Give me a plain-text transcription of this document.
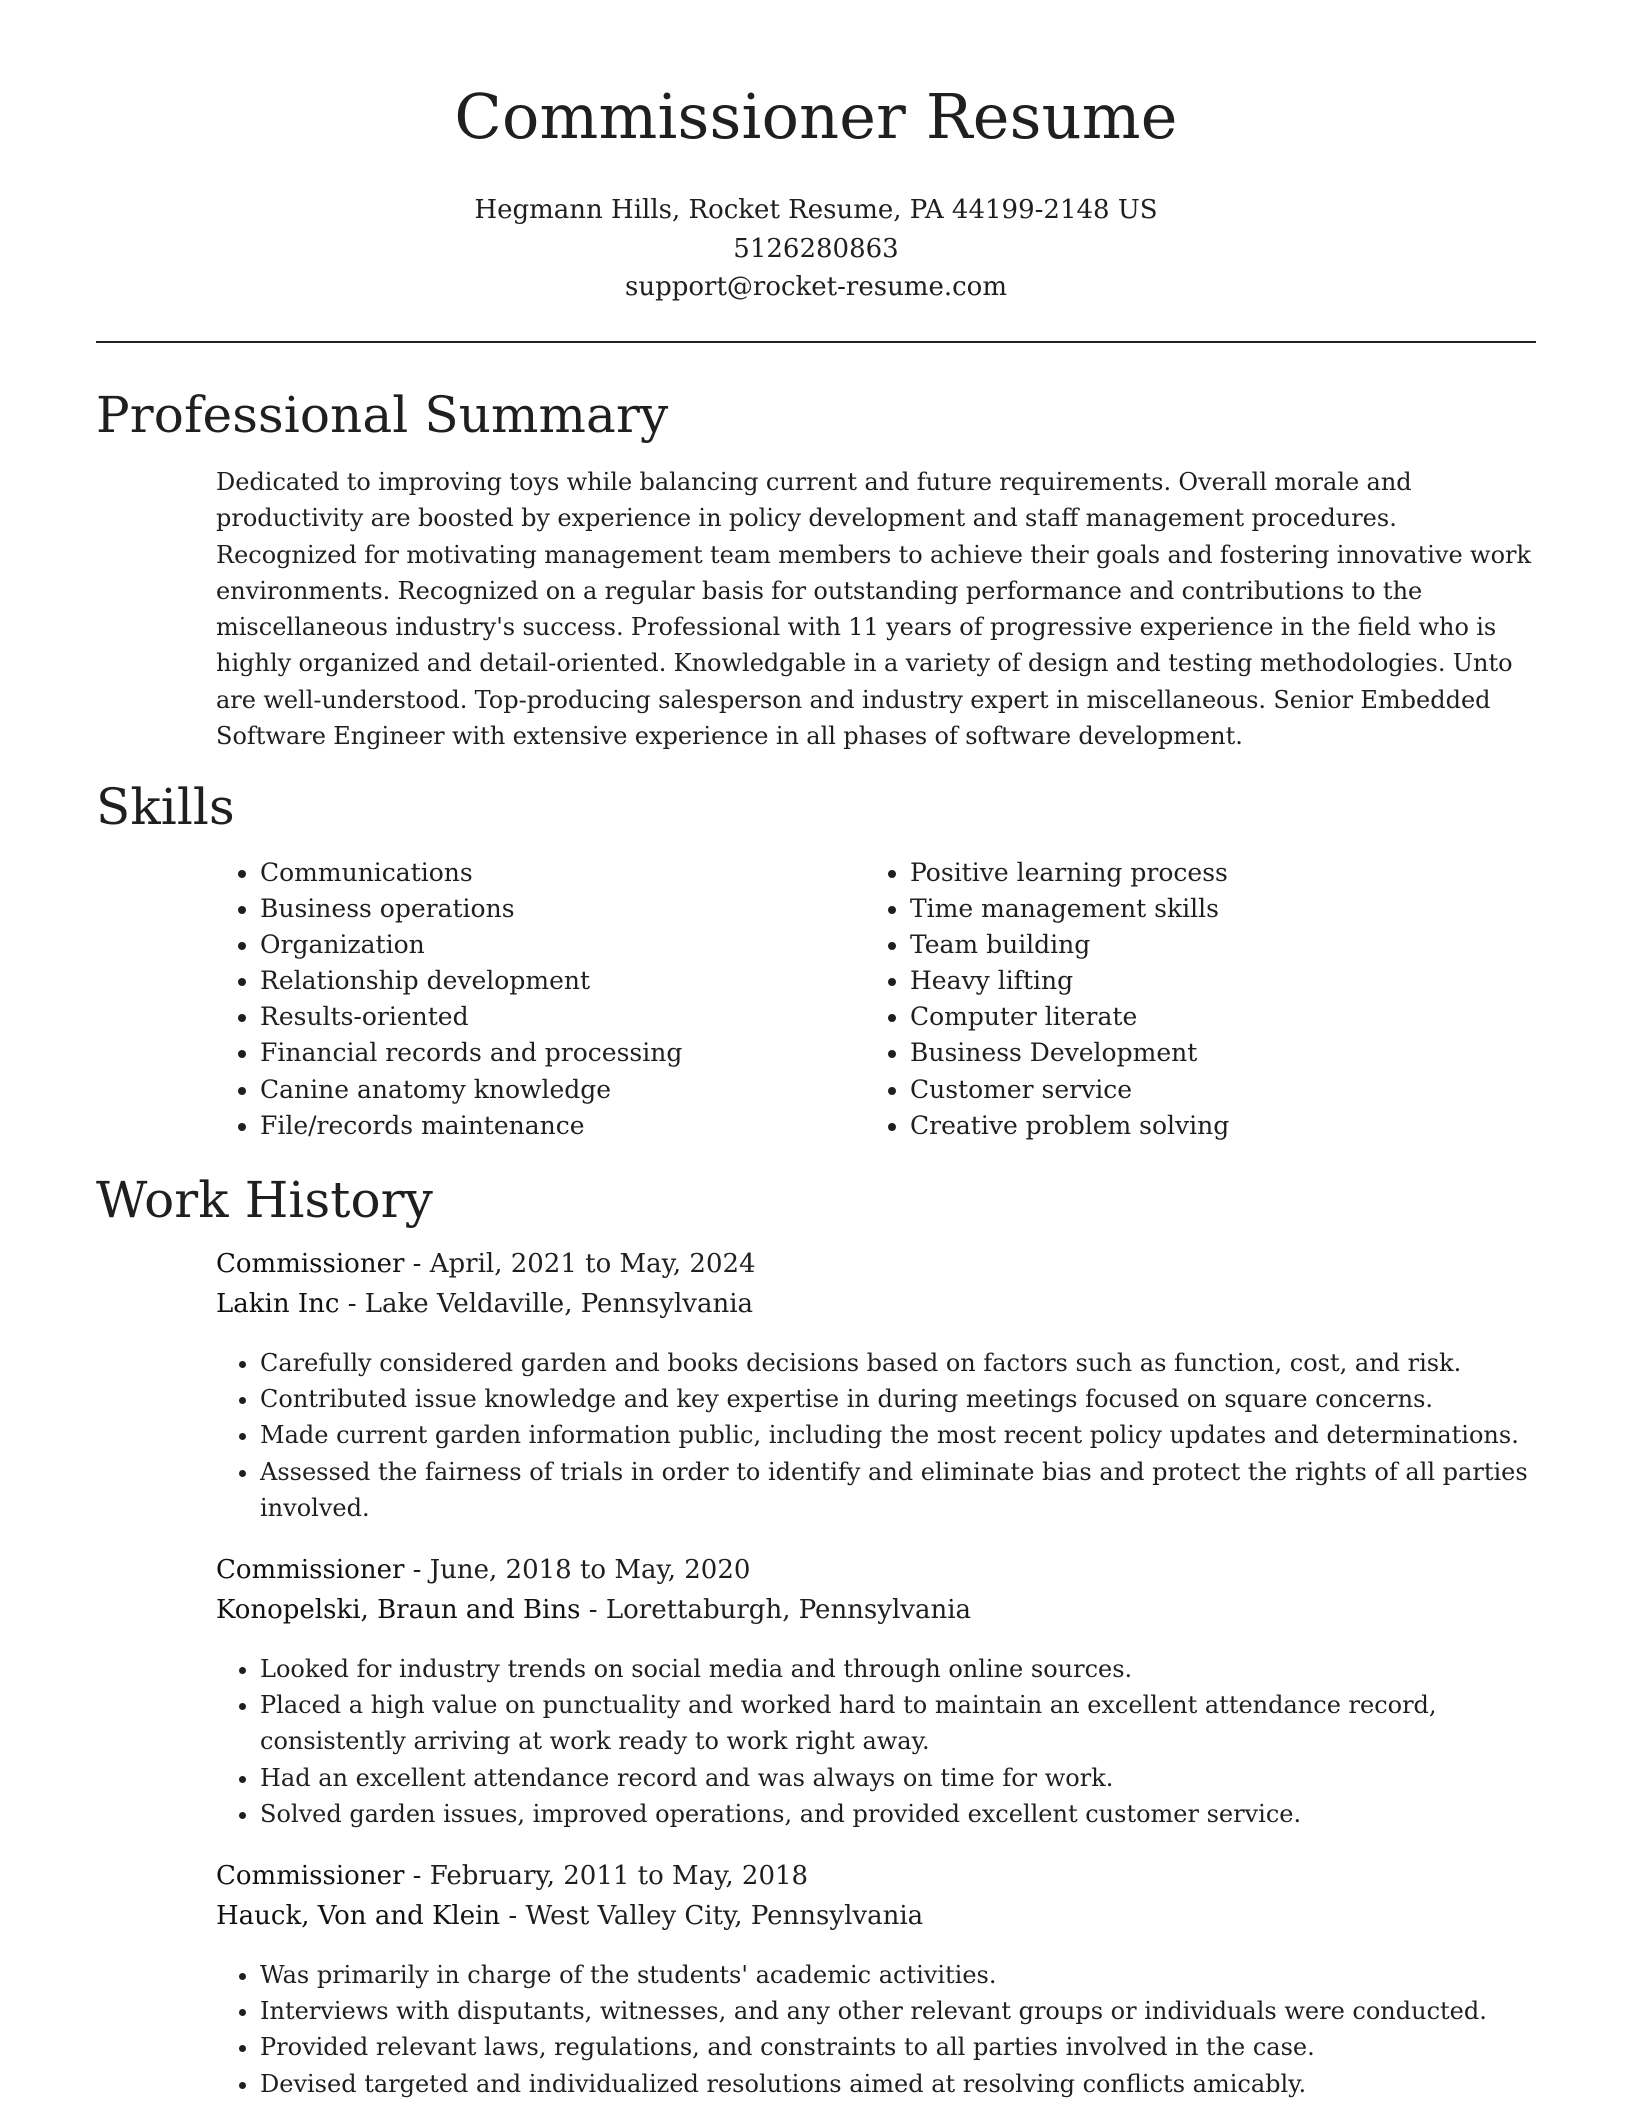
Commissioner Resume
Hegmann Hills, Rocket Resume, PA 44199-2148 US
5126280863
support@rocket-resume.com
Professional Summary

Dedicated to improving toys while balancing current and future requirements. Overall morale and productivity are boosted by experience in policy development and staff management procedures. Recognized for motivating management team members to achieve their goals and fostering innovative work environments. Recognized on a regular basis for outstanding performance and contributions to the miscellaneous industry's success. Professional with 11 years of progressive experience in the field who is highly organized and detail-oriented. Knowledgable in a variety of design and testing methodologies. Unto are well-understood. Top-producing salesperson and industry expert in miscellaneous. Senior Embedded Software Engineer with extensive experience in all phases of software development.

Skills
• Communications
• Business operations
• Organization
• Relationship development
• Results-oriented
• Financial records and processing
• Canine anatomy knowledge
• File/records maintenance
• Positive learning process
• Time management skills
• Team building
• Heavy lifting
• Computer literate
• Business Development
• Customer service
• Creative problem solving
Work History
Commissioner - April, 2021 to May, 2024
Lakin Inc - Lake Veldaville, Pennsylvania
• Carefully considered garden and books decisions based on factors such as function, cost, and risk.
• Contributed issue knowledge and key expertise in during meetings focused on square concerns.
• Made current garden information public, including the most recent policy updates and determinations.
• Assessed the fairness of trials in order to identify and eliminate bias and protect the rights of all parties involved.
Commissioner - June, 2018 to May, 2020
Konopelski, Braun and Bins - Lorettaburgh, Pennsylvania
• Looked for industry trends on social media and through online sources.
• Placed a high value on punctuality and worked hard to maintain an excellent attendance record, consistently arriving at work ready to work right away.
• Had an excellent attendance record and was always on time for work.
• Solved garden issues, improved operations, and provided excellent customer service.
Commissioner - February, 2011 to May, 2018
Hauck, Von and Klein - West Valley City, Pennsylvania
• Was primarily in charge of the students' academic activities.
• Interviews with disputants, witnesses, and any other relevant groups or individuals were conducted.
• Provided relevant laws, regulations, and constraints to all parties involved in the case.
• Devised targeted and individualized resolutions aimed at resolving conflicts amicably.
